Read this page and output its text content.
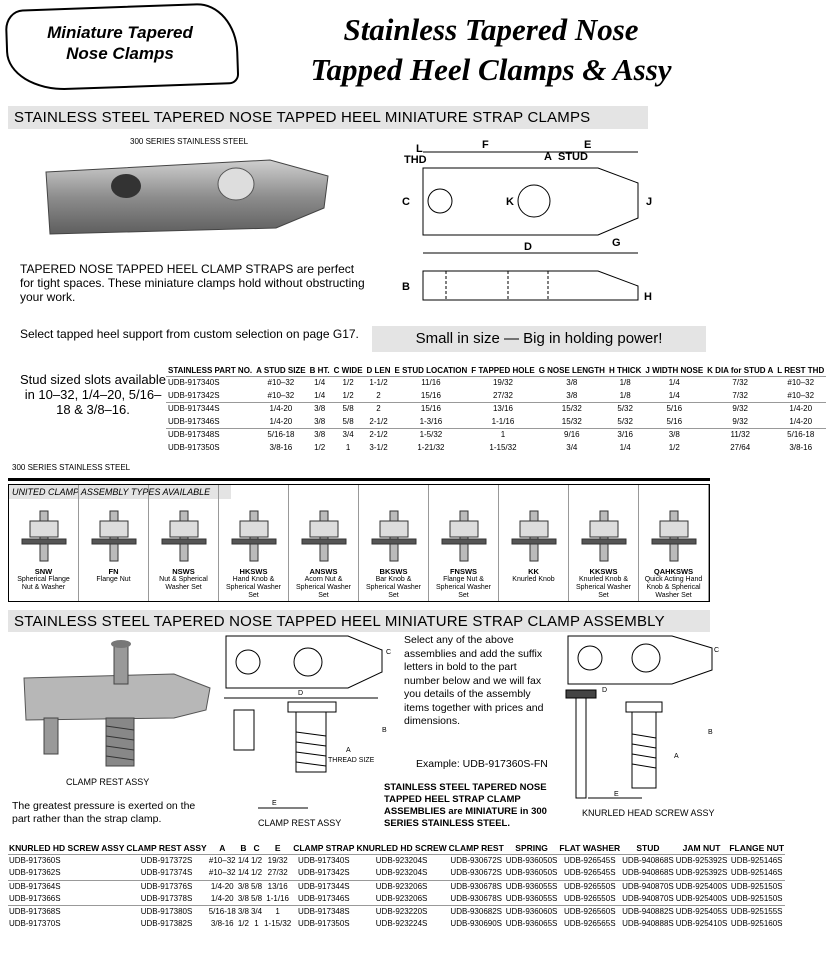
Miniature Tapered
Nose Clamps
Stainless Tapered Nose
Tapped Heel Clamps & Assy
STAINLESS STEEL TAPERED NOSE TAPPED HEEL MINIATURE STRAP CLAMPS
300 SERIES STAINLESS STEEL
L
THD
F	E
A STUD
C	K	J
G
D
B
H
TAPERED NOSE TAPPED HEEL CLAMP STRAPS are perfect for tight spaces. These miniature clamps hold without obstructing your work.
Select tapped heel support from custom selection on page G17.	Small in size — Big in holding power!
Stud sized slots available in 10–32, 1/4–20, 5/16–18 & 3/8–16.
300 SERIES STAINLESS STEEL
STAINLESS PART NO.	A STUD SIZE	B HT.	C WIDE	D LEN	E STUD LOCATION	F TAPPED HOLE	G NOSE LENGTH	H THICK	J WIDTH NOSE	K DIA for STUD A	L REST THD
UDB-917340S	#10–32	1/4	1/2	1-1/2	11/16	19/32	3/8	1/8	1/4	7/32	#10–32
UDB-917342S	#10–32	1/4	1/2	2	15/16	27/32	3/8	1/8	1/4	7/32	#10–32
UDB-917344S	1/4-20	3/8	5/8	2	15/16	13/16	15/32	5/32	5/16	9/32	1/4-20
UDB-917346S	1/4-20	3/8	5/8	2-1/2	1-3/16	1-1/16	15/32	5/32	5/16	9/32	1/4-20
UDB-917348S	5/16-18	3/8	3/4	2-1/2	1-5/32	1	9/16	3/16	3/8	11/32	5/16-18
UDB-917350S	3/8-16	1/2	1	3-1/2	1-21/32	1-15/32	3/4	1/4	1/2	27/64	3/8-16
UNITED CLAMP ASSEMBLY TYPES AVAILABLE
SNW
Spherical Flange Nut & Washer
FN
Flange Nut
NSWS
Nut & Spherical Washer Set
HKSWS
Hand Knob & Spherical Washer Set
ANSWS
Acorn Nut & Spherical Washer Set
BKSWS
Bar Knob & Spherical Washer Set
FNSWS
Flange Nut & Spherical Washer Set
KK
Knurled Knob
KKSWS
Knurled Knob & Spherical Washer Set
QAHKSWS
Quick Acting Hand Knob & Spherical Washer Set
STAINLESS STEEL TAPERED NOSE TAPPED HEEL MINIATURE STRAP CLAMP ASSEMBLY
CLAMP REST ASSY
The greatest pressure is exerted on the part rather than the strap clamp.
C
D
B
A
THREAD SIZE
E
CLAMP REST ASSY
Select any of the above assemblies and add the suffix letters in bold to the part number below and we will fax you details of the assembly items together with prices and dimensions.
Example: UDB-917360S-FN
STAINLESS STEEL TAPERED NOSE TAPPED HEEL STRAP CLAMP ASSEMBLIES are MINIATURE in 300 SERIES STAINLESS STEEL.
C
D
B
A
E
KNURLED HEAD SCREW ASSY
KNURLED HD SCREW ASSY	CLAMP REST ASSY	A	B	C	E	CLAMP STRAP	KNURLED HD SCREW	CLAMP REST	SPRING	FLAT WASHER	STUD	JAM NUT	FLANGE NUT
UDB-917360S	UDB-917372S	#10–32	1/4	1/2	19/32	UDB-917340S	UDB-923204S	UDB-930672S	UDB-936050S	UDB-926545S	UDB-940868S	UDB-925392S	UDB-925146S
UDB-917362S	UDB-917374S	#10–32	1/4	1/2	27/32	UDB-917342S	UDB-923204S	UDB-930672S	UDB-936050S	UDB-926545S	UDB-940868S	UDB-925392S	UDB-925146S
UDB-917364S	UDB-917376S	1/4-20	3/8	5/8	13/16	UDB-917344S	UDB-923206S	UDB-930678S	UDB-936055S	UDB-926550S	UDB-940870S	UDB-925400S	UDB-925150S
UDB-917366S	UDB-917378S	1/4-20	3/8	5/8	1-1/16	UDB-917346S	UDB-923206S	UDB-930678S	UDB-936055S	UDB-926550S	UDB-940870S	UDB-925400S	UDB-925150S
UDB-917368S	UDB-917380S	5/16-18	3/8	3/4	1	UDB-917348S	UDB-923220S	UDB-930682S	UDB-936060S	UDB-926560S	UDB-940882S	UDB-925405S	UDB-925155S
UDB-917370S	UDB-917382S	3/8-16	1/2	1	1-15/32	UDB-917350S	UDB-923224S	UDB-930690S	UDB-936065S	UDB-926565S	UDB-940888S	UDB-925410S	UDB-925160S
